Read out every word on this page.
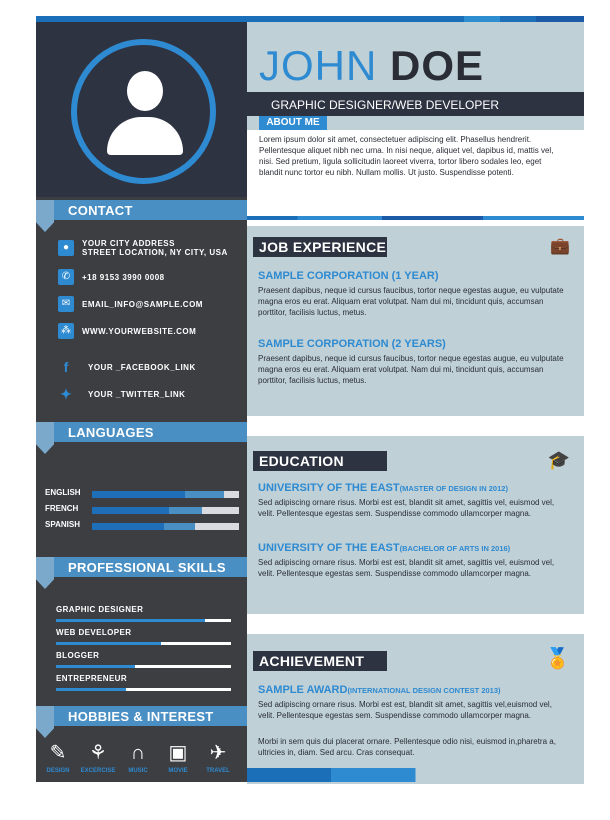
CONTACT
●	YOUR CITY ADDRESS
STREET LOCATION, NY CITY, USA
✆	+18 9153 3990 0008
✉	EMAIL_INFO@SAMPLE.COM
⁂	WWW.YOURWEBSITE.COM
f	YOUR _FACEBOOK_LINK
✦ YOUR _TWITTER_LINK
LANGUAGES
ENGLISH
FRENCH
SPANISH
PROFESSIONAL SKILLS
GRAPHIC DESIGNER
WEB DEVELOPER
BLOGGER
ENTREPRENEUR
HOBBIES & INTEREST
✎
DESIGN
⚘
EXCERCISE
∩
MUSIC
▣
MOVIE
✈
TRAVEL
JOHN DOE
GRAPHIC DESIGNER/WEB DEVELOPER
Lorem ipsum dolor sit amet, consectetuer adipiscing elit. Phasellus hendrerit. Pellentesque aliquet nibh nec urna. In nisi neque, aliquet vel, dapibus id, mattis vel, nisi. Sed pretium, ligula sollicitudin laoreet viverra, tortor libero sodales leo, eget blandit nunc tortor eu nibh. Nullam mollis. Ut justo. Suspendisse potenti.
ABOUT ME
JOB EXPERIENCE	💼
SAMPLE CORPORATION (1 YEAR)
Praesent dapibus, neque id cursus faucibus, tortor neque egestas augue, eu vulputate magna eros eu erat. Aliquam erat volutpat. Nam dui mi, tincidunt quis, accumsan porttitor, facilisis luctus, metus.
SAMPLE CORPORATION (2 YEARS)
Praesent dapibus, neque id cursus faucibus, tortor neque egestas augue, eu vulputate magna eros eu erat. Aliquam erat volutpat. Nam dui mi, tincidunt quis, accumsan porttitor, facilisis luctus, metus.
EDUCATION	🎓
UNIVERSITY OF THE EAST(MASTER OF DESIGN IN 2012)
Sed adipiscing ornare risus. Morbi est est, blandit sit amet, sagittis vel, euismod vel, velit. Pellentesque egestas sem. Suspendisse commodo ullamcorper magna.
UNIVERSITY OF THE EAST(BACHELOR OF ARTS IN 2016)
Sed adipiscing ornare risus. Morbi est est, blandit sit amet, sagittis vel, euismod vel, velit. Pellentesque egestas sem. Suspendisse commodo ullamcorper magna.
ACHIEVEMENT	🏅
SAMPLE AWARD(INTERNATIONAL DESIGN CONTEST 2013)
Sed adipiscing ornare risus. Morbi est est, blandit sit amet, sagittis vel,euismod vel, velit. Pellentesque egestas sem. Suspendisse commodo ullamcorper magna.
Morbi in sem quis dui placerat ornare. Pellentesque odio nisi, euismod in,pharetra a, ultricies in, diam. Sed arcu. Cras consequat.
